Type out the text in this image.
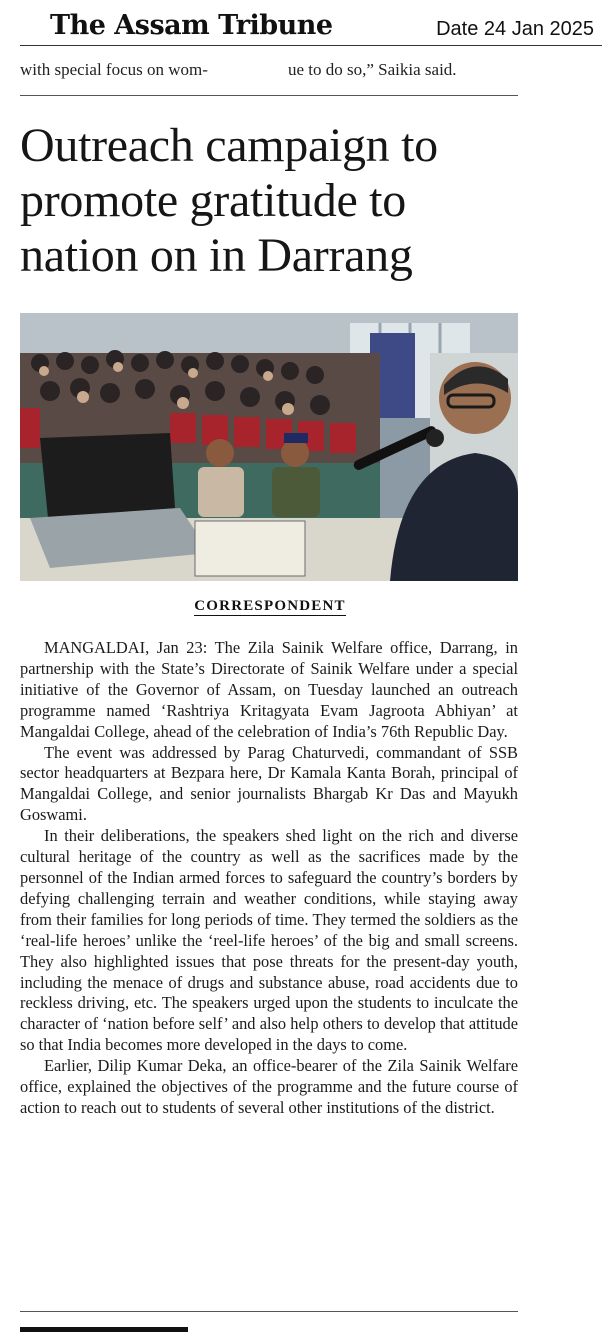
The Assam Tribune	Date 24 Jan 2025
with special focus on wom-	ue to do so,” Saikia said.
Outreach campaign to promote gratitude to nation on in Darrang
CORRESPONDENT

MANGALDAI, Jan 23: The Zila Sainik Welfare office, Darrang, in partnership with the State’s Directorate of Sainik Welfare under a special initiative of the Governor of Assam, on Tuesday launched an outreach programme named ‘Rashtriya Kritagyata Evam Jagroota Abhiyan’ at Mangaldai College, ahead of the celebration of India’s 76th Republic Day.

The event was addressed by Parag Chaturvedi, commandant of SSB sector headquarters at Bezpara here, Dr Kamala Kanta Borah, principal of Mangaldai College, and senior journalists Bhargab Kr Das and Mayukh Goswami.

In their deliberations, the speakers shed light on the rich and diverse cultural heritage of the country as well as the sacrifices made by the personnel of the Indian armed forces to safeguard the country’s borders by defying challenging terrain and weather conditions, while staying away from their families for long periods of time. They termed the soldiers as the ‘real-life heroes’ unlike the ‘reel-life heroes’ of the big and small screens. They also highlighted issues that pose threats for the present-day youth, including the menace of drugs and substance abuse, road accidents due to reckless driving, etc. The speakers urged upon the students to inculcate the character of ‘nation before self’ and also help others to develop that attitude so that India becomes more developed in the days to come.

Earlier, Dilip Kumar Deka, an office-bearer of the Zila Sainik Welfare office, explained the objectives of the programme and the future course of action to reach out to students of several other institutions of the district.
